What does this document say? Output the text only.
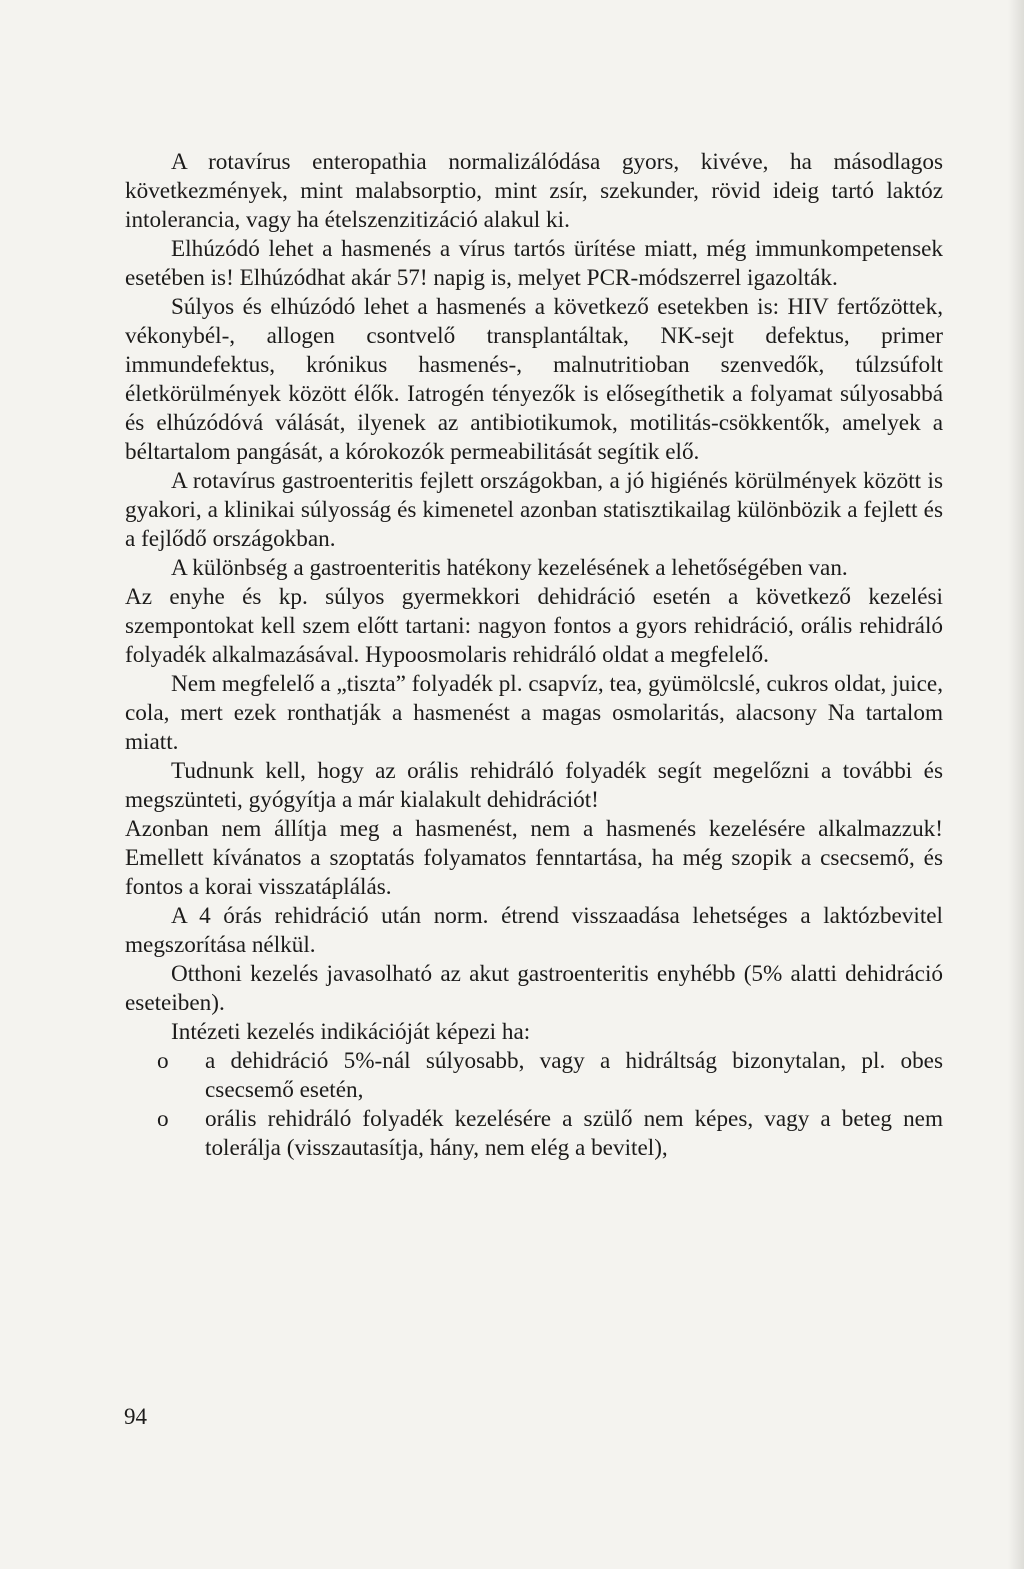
A rotavírus enteropathia normalizálódása gyors, kivéve, ha másodlagos következmények, mint malabsorptio, mint zsír, szekunder, rövid ideig tartó laktóz intolerancia, vagy ha ételszenzitizáció alakul ki.

Elhúzódó lehet a hasmenés a vírus tartós ürítése miatt, még immunkompetensek esetében is! Elhúzódhat akár 57! napig is, melyet PCR-módszerrel igazolták.

Súlyos és elhúzódó lehet a hasmenés a következő esetekben is: HIV fertőzöttek, vékonybél-, allogen csontvelő transplantáltak, NK-sejt defektus, primer immundefektus, krónikus hasmenés-, malnutritioban szenvedők, túlzsúfolt életkörülmények között élők. Iatrogén tényezők is elősegíthetik a folyamat súlyosabbá és elhúzódóvá válását, ilyenek az antibiotikumok, motilitás-csökkentők, amelyek a béltartalom pangását, a kórokozók permeabilitását segítik elő.

A rotavírus gastroenteritis fejlett országokban, a jó higiénés körülmények között is gyakori, a klinikai súlyosság és kimenetel azonban statisztikailag különbözik a fejlett és a fejlődő országokban.

A különbség a gastroenteritis hatékony kezelésének a lehetőségében van.

Az enyhe és kp. súlyos gyermekkori dehidráció esetén a következő kezelési szempontokat kell szem előtt tartani: nagyon fontos a gyors rehidráció, orális rehidráló folyadék alkalmazásával. Hypoosmolaris rehidráló oldat a megfelelő.

Nem megfelelő a „tiszta” folyadék pl. csapvíz, tea, gyümölcslé, cukros oldat, juice, cola, mert ezek ronthatják a hasmenést a magas osmolaritás, alacsony Na tartalom miatt.

Tudnunk kell, hogy az orális rehidráló folyadék segít megelőzni a további és megszünteti, gyógyítja a már kialakult dehidrációt!

Azonban nem állítja meg a hasmenést, nem a hasmenés kezelésére alkalmazzuk! Emellett kívánatos a szoptatás folyamatos fenntartása, ha még szopik a csecsemő, és fontos a korai visszatáplálás.

A 4 órás rehidráció után norm. étrend visszaadása lehetséges a laktózbevitel megszorítása nélkül.

Otthoni kezelés javasolható az akut gastroenteritis enyhébb (5% alatti dehidráció eseteiben).

Intézeti kezelés indikációját képezi ha:

o a dehidráció 5%-nál súlyosabb, vagy a hidráltság bizonytalan, pl. obes csecsemő esetén,
o orális rehidráló folyadék kezelésére a szülő nem képes, vagy a beteg nem tolerálja (visszautasítja, hány, nem elég a bevitel),
94
